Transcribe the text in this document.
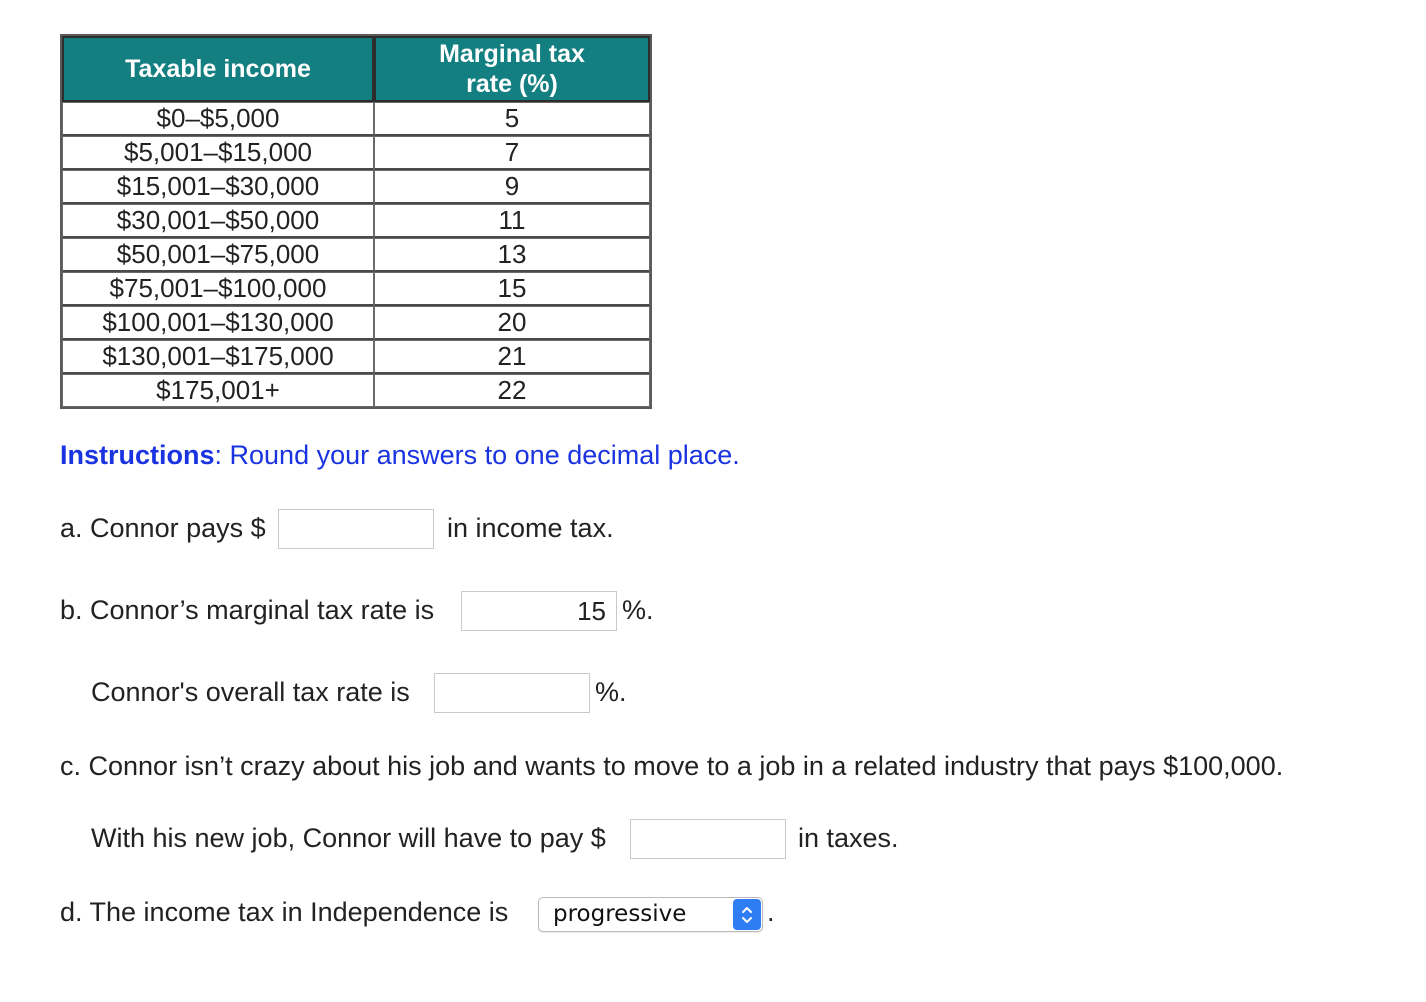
Taxable income	Marginal tax
rate (%)
$0–$5,000	5
$5,001–$15,000	7
$15,001–$30,000	9
$30,001–$50,000	11
$50,001–$75,000	13
$75,001–$100,000	15
$100,001–$130,000	20
$130,001–$175,000	21
$175,001+	22
Instructions: Round your answers to one decimal place.
a. Connor pays $	in income tax.
b. Connor’s marginal tax rate is
15	%.
Connor's overall tax rate is	%.
c. Connor isn’t crazy about his job and wants to move to a job in a related industry that pays $100,000.
With his new job, Connor will have to pay $	in taxes.
d. The income tax in Independence is progressive	.
